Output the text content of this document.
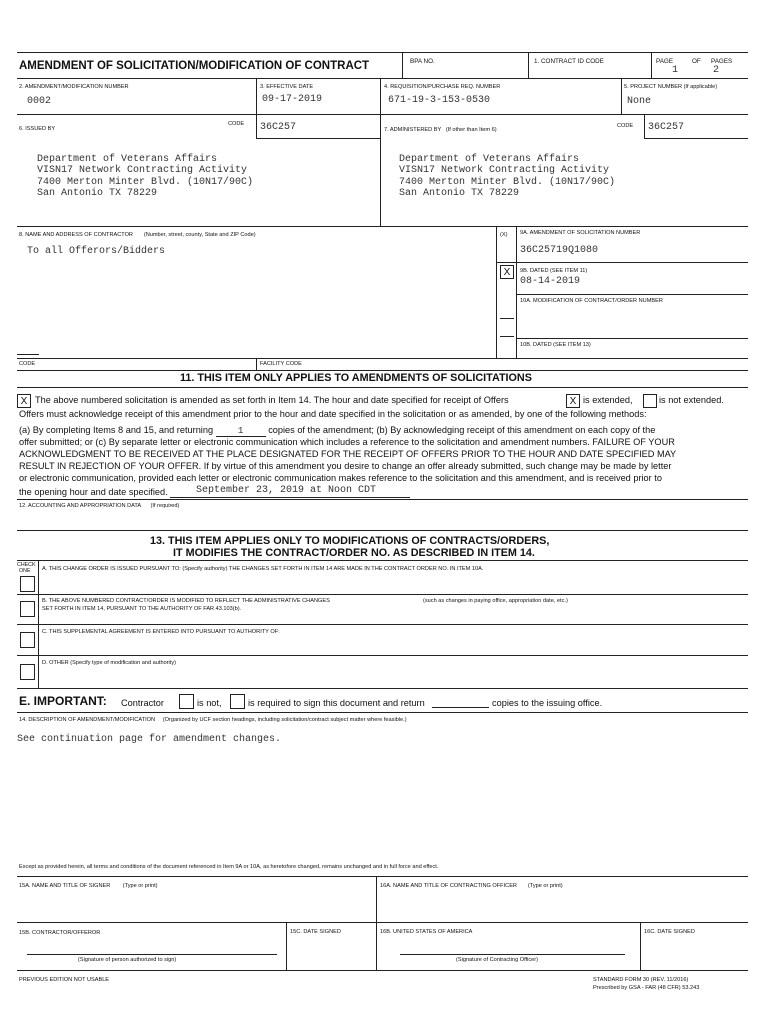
AMENDMENT OF SOLICITATION/MODIFICATION OF CONTRACT	BPA NO.	1. CONTRACT ID CODE	PAGE	OF PAGES
1	2
2. AMENDMENT/MODIFICATION NUMBER
0002
3. EFFECTIVE DATE
09-17-2019
4. REQUISITION/PURCHASE REQ. NUMBER
671-19-3-153-0530
5. PROJECT NUMBER (If applicable)
None
6. ISSUED BY
CODE 36C257	7. ADMINISTERED BY (If other than Item 6)
CODE 36C257
Department of Veterans Affairs
VISN17 Network Contracting Activity
7400 Merton Minter Blvd. (10N17/90C)
San Antonio TX 78229
Department of Veterans Affairs
VISN17 Network Contracting Activity
7400 Merton Minter Blvd. (10N17/90C)
San Antonio TX 78229
8. NAME AND ADDRESS OF CONTRACTOR (Number, street, county, State and ZIP Code)
To all Offerors/Bidders
(X) 9A. AMENDMENT OF SOLICITATION NUMBER
36C25719Q1080
X	9B. DATED (SEE ITEM 11)
08-14-2019
10A. MODIFICATION OF CONTRACT/ORDER NUMBER
10B. DATED (SEE ITEM 13)
CODE	FACILITY CODE
11. THIS ITEM ONLY APPLIES TO AMENDMENTS OF SOLICITATIONS
X The above numbered solicitation is amended as set forth in Item 14. The hour and date specified for receipt of Offers	X is extended,	is not extended.
Offers must acknowledge receipt of this amendment prior to the hour and date specified in the solicitation or as amended, by one of the following methods:
(a) By completing Items 8 and 15, and returning	1	copies of the amendment; (b) By acknowledging receipt of this amendment on each copy of the
offer submitted; or (c) By separate letter or electronic communication which includes a reference to the solicitation and amendment numbers. FAILURE OF YOUR
ACKNOWLEDGMENT TO BE RECEIVED AT THE PLACE DESIGNATED FOR THE RECEIPT OF OFFERS PRIOR TO THE HOUR AND DATE SPECIFIED MAY
RESULT IN REJECTION OF YOUR OFFER. If by virtue of this amendment you desire to change an offer already submitted, such change may be made by letter
or electronic communication, provided each letter or electronic communication makes reference to the solicitation and this amendment, and is received prior to
the opening hour and date specified.	September 23, 2019 at Noon CDT
12. ACCOUNTING AND APPROPRIATION DATA (If required)
13. THIS ITEM APPLIES ONLY TO MODIFICATIONS OF CONTRACTS/ORDERS,
IT MODIFIES THE CONTRACT/ORDER NO. AS DESCRIBED IN ITEM 14.
CHECK
ONE	A. THIS CHANGE ORDER IS ISSUED PURSUANT TO: (Specify authority) THE CHANGES SET FORTH IN ITEM 14 ARE MADE IN THE CONTRACT ORDER NO. IN ITEM 10A.
B. THE ABOVE NUMBERED CONTRACT/ORDER IS MODIFIED TO REFLECT THE ADMINISTRATIVE CHANGES	(such as changes in paying office, appropriation date, etc.)
SET FORTH IN ITEM 14, PURSUANT TO THE AUTHORITY OF FAR 43.103(b).
C. THIS SUPPLEMENTAL AGREEMENT IS ENTERED INTO PURSUANT TO AUTHORITY OF:
D. OTHER (Specify type of modification and authority)
E. IMPORTANT: Contractor	is not,	is required to sign this document and return	copies to the issuing office.
14. DESCRIPTION OF AMENDMENT/MODIFICATION (Organized by UCF section headings, including solicitation/contract subject matter where feasible.)
See continuation page for amendment changes.
Except as provided herein, all terms and conditions of the document referenced in Item 9A or 10A, as heretofore changed, remains unchanged and in full force and effect.
15A. NAME AND TITLE OF SIGNER (Type or print)	16A. NAME AND TITLE OF CONTRACTING OFFICER (Type or print)
15B. CONTRACTOR/OFFEROR	15C. DATE SIGNED	16B. UNITED STATES OF AMERICA	16C. DATE SIGNED
(Signature of person authorized to sign)	(Signature of Contracting Officer)
PREVIOUS EDITION NOT USABLE	STANDARD FORM 30 (REV. 11/2016)
Prescribed by GSA - FAR (48 CFR) 53.243
